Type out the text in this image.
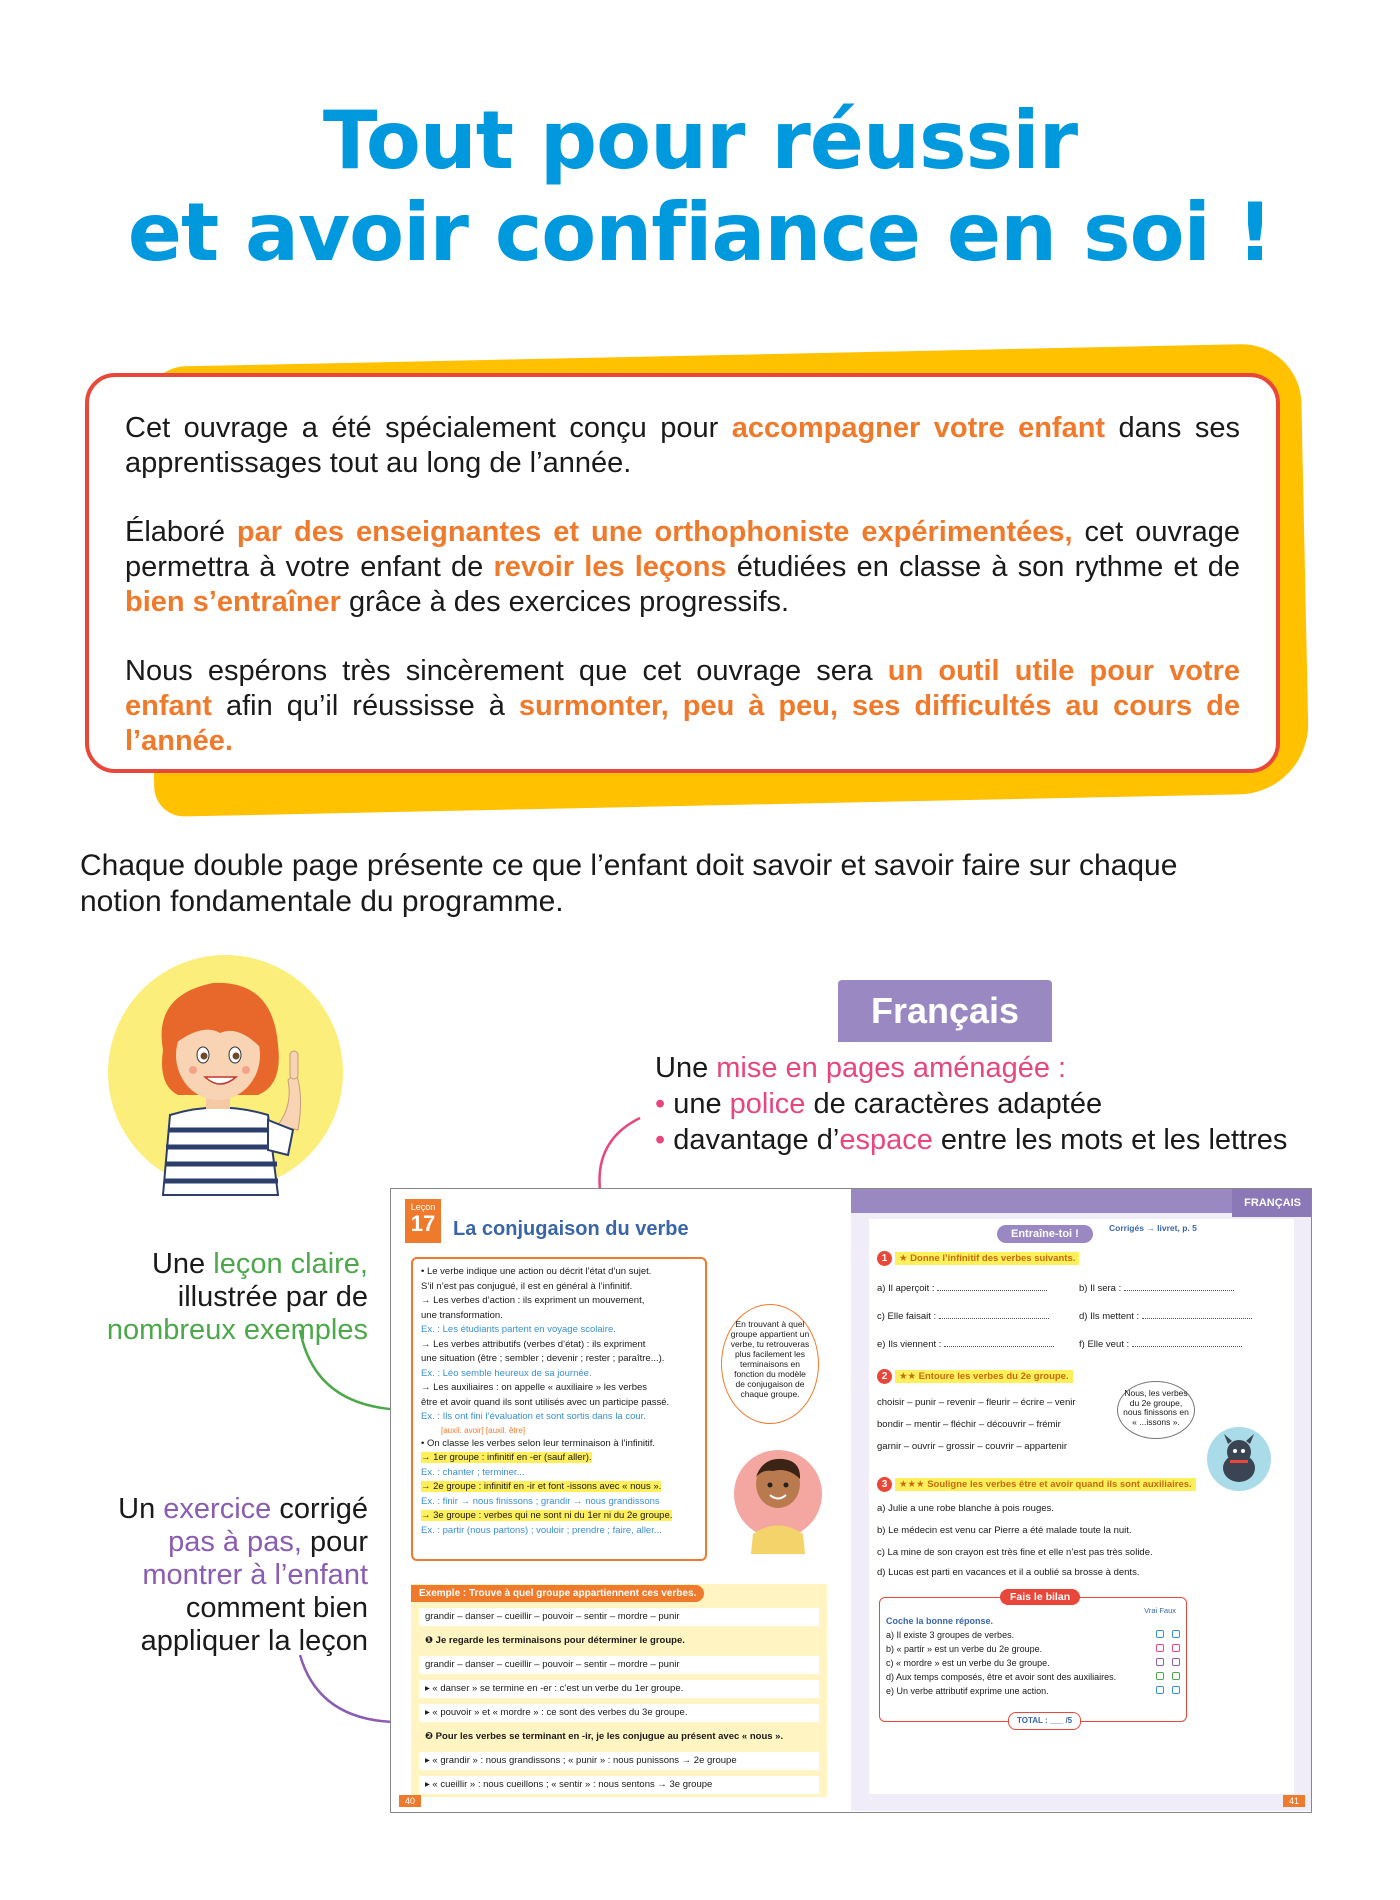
Tout pour réussir
et avoir confiance en soi !

Cet ouvrage a été spécialement conçu pour accompagner votre enfant dans ses apprentissages tout au long de l’année.

Élaboré par des enseignantes et une orthophoniste expérimentées, cet ouvrage permettra à votre enfant de revoir les leçons étudiées en classe à son rythme et de bien s’entraîner grâce à des exercices progressifs.

Nous espérons très sincèrement que cet ouvrage sera un outil utile pour votre enfant afin qu’il réussisse à surmonter, peu à peu, ses difficultés au cours de l’année.

Chaque double page présente ce que l’enfant doit savoir et savoir faire sur chaque notion fondamentale du programme.
Français
Une mise en pages aménagée :
• une police de caractères adaptée
• davantage d’espace entre les mots et les lettres
Une leçon claire,
illustrée par de
nombreux exemples
Un exercice corrigé
pas à pas, pour
montrer à l’enfant
comment bien
appliquer la leçon
Leçon
17 La conjugaison du verbe
• Le verbe indique une action ou décrit l’état d’un sujet.
S’il n’est pas conjugué, il est en général à l’infinitif.
→ Les verbes d’action : ils expriment un mouvement,
une transformation.
Ex. : Les étudiants partent en voyage scolaire.
→ Les verbes attributifs (verbes d’état) : ils expriment
une situation (être ; sembler ; devenir ; rester ; paraître...).
Ex. : Léo semble heureux de sa journée.
→ Les auxiliaires : on appelle « auxiliaire » les verbes
être et avoir quand ils sont utilisés avec un participe passé.
Ex. : Ils ont fini l’évaluation et sont sortis dans la cour.
[auxil. avoir] [auxil. être]
• On classe les verbes selon leur terminaison à l’infinitif.
→ 1er groupe : infinitif en -er (sauf aller).
Ex. : chanter ; terminer...
→ 2e groupe : infinitif en -ir et font -issons avec « nous ».
Ex. : finir → nous finissons ; grandir → nous grandissons
→ 3e groupe : verbes qui ne sont ni du 1er ni du 2e groupe.
Ex. : partir (nous partons) ; vouloir ; prendre ; faire, aller...
En trouvant à quel groupe appartient un verbe, tu retrouveras plus facilement les terminaisons en fonction du modèle de conjugaison de chaque groupe.
Exemple : Trouve à quel groupe appartiennent ces verbes.
grandir – danser – cueillir – pouvoir – sentir – mordre – punir
❶ Je regarde les terminaisons pour déterminer le groupe.
grandir – danser – cueillir – pouvoir – sentir – mordre – punir
▸ « danser » se termine en -er : c’est un verbe du 1er groupe.
▸ « pouvoir » et « mordre » : ce sont des verbes du 3e groupe.
❷ Pour les verbes se terminant en -ir, je les conjugue au présent avec « nous ».
▸ « grandir » : nous grandissons ; « punir » : nous punissons → 2e groupe
▸ « cueillir » : nous cueillons ; « sentir » : nous sentons → 3e groupe
40
FRANÇAIS
Entraîne-toi !	Corrigés → livret, p. 5
1 ★ Donne l’infinitif des verbes suivants.
a) Il aperçoit :	b) Il sera :
c) Elle faisait :	d) Ils mettent :
e) Ils viennent :	f) Elle veut :
2 ★★ Entoure les verbes du 2e groupe.
choisir – punir – revenir – fleurir – écrire – venir
bondir – mentir – fléchir – découvrir – frémir
garnir – ouvrir – grossir – couvrir – appartenir
Nous, les verbes du 2e groupe, nous finissons en « ...issons ».
3 ★★★ Souligne les verbes être et avoir quand ils sont auxiliaires.
a) Julie a une robe blanche à pois rouges.
b) Le médecin est venu car Pierre a été malade toute la nuit.
c) La mine de son crayon est très fine et elle n’est pas très solide.
d) Lucas est parti en vacances et il a oublié sa brosse à dents.
Fais le bilan
Vrai Faux
Coche la bonne réponse.
a) Il existe 3 groupes de verbes.
b) « partir » est un verbe du 2e groupe.
c) « mordre » est un verbe du 3e groupe.
d) Aux temps composés, être et avoir sont des auxiliaires.
e) Un verbe attributif exprime une action.
TOTAL : ___ /5
41
